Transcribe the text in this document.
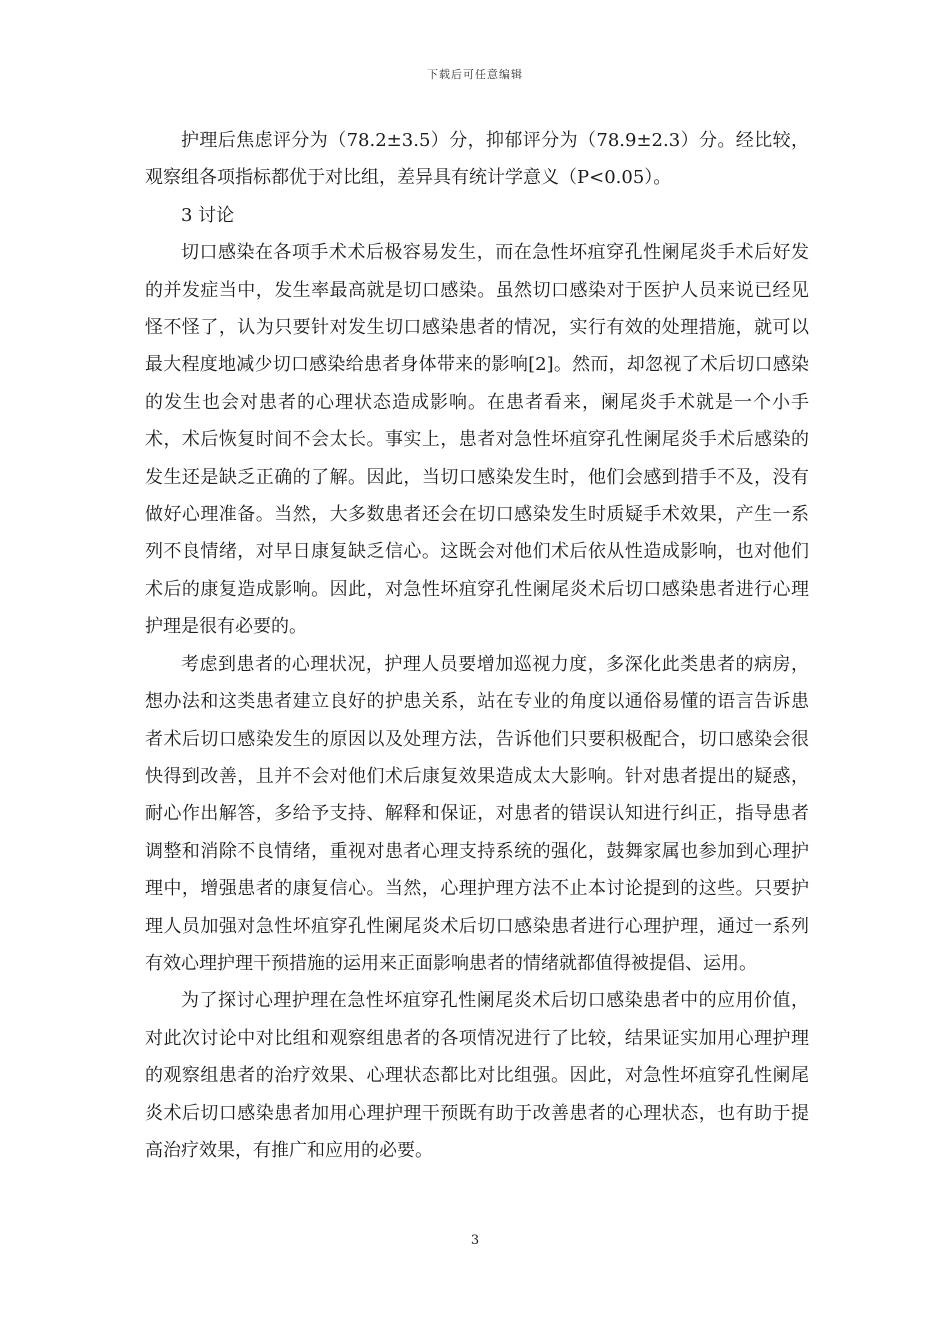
下载后可任意编辑

护理后焦虑评分为（78.2±3.5）分，抑郁评分为（78.9±2.3）分。经比较，观察组各项指标都优于对比组，差异具有统计学意义（P<0.05）。

3 讨论

切口感染在各项手术术后极容易发生，而在急性坏疽穿孔性阑尾炎手术后好发的并发症当中，发生率最高就是切口感染。虽然切口感染对于医护人员来说已经见怪不怪了，认为只要针对发生切口感染患者的情况，实行有效的处理措施，就可以最大程度地减少切口感染给患者身体带来的影响[2]。然而，却忽视了术后切口感染的发生也会对患者的心理状态造成影响。在患者看来，阑尾炎手术就是一个小手术，术后恢复时间不会太长。事实上，患者对急性坏疽穿孔性阑尾炎手术后感染的发生还是缺乏正确的了解。因此，当切口感染发生时，他们会感到措手不及，没有做好心理准备。当然，大多数患者还会在切口感染发生时质疑手术效果，产生一系列不良情绪，对早日康复缺乏信心。这既会对他们术后依从性造成影响，也对他们术后的康复造成影响。因此，对急性坏疽穿孔性阑尾炎术后切口感染患者进行心理护理是很有必要的。

考虑到患者的心理状况，护理人员要增加巡视力度，多深化此类患者的病房，想办法和这类患者建立良好的护患关系，站在专业的角度以通俗易懂的语言告诉患者术后切口感染发生的原因以及处理方法，告诉他们只要积极配合，切口感染会很快得到改善，且并不会对他们术后康复效果造成太大影响。针对患者提出的疑惑，耐心作出解答，多给予支持、解释和保证，对患者的错误认知进行纠正，指导患者调整和消除不良情绪，重视对患者心理支持系统的强化，鼓舞家属也参加到心理护理中，增强患者的康复信心。当然，心理护理方法不止本讨论提到的这些。只要护理人员加强对急性坏疽穿孔性阑尾炎术后切口感染患者进行心理护理，通过一系列有效心理护理干预措施的运用来正面影响患者的情绪就都值得被提倡、运用。

为了探讨心理护理在急性坏疽穿孔性阑尾炎术后切口感染患者中的应用价值，对此次讨论中对比组和观察组患者的各项情况进行了比较，结果证实加用心理护理的观察组患者的治疗效果、心理状态都比对比组强。因此，对急性坏疽穿孔性阑尾炎术后切口感染患者加用心理护理干预既有助于改善患者的心理状态，也有助于提高治疗效果，有推广和应用的必要。

3
